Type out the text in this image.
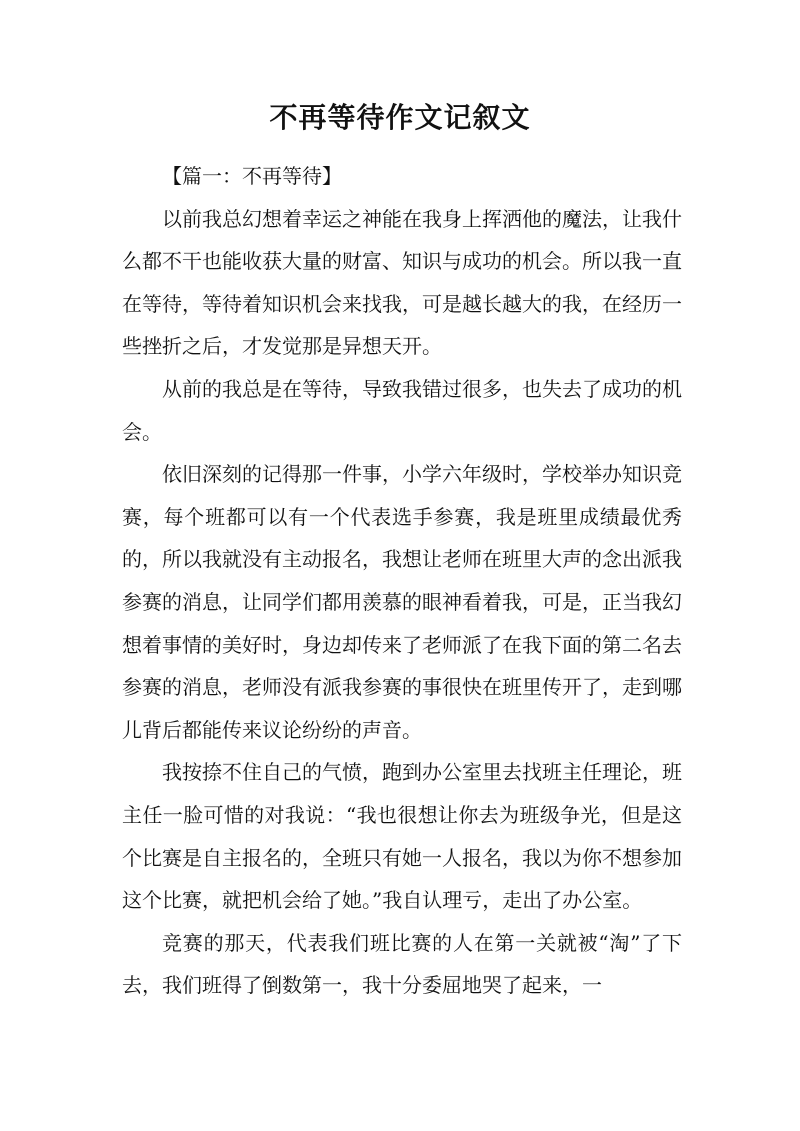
不再等待作文记叙文

【篇一：不再等待】

以前我总幻想着幸运之神能在我身上挥洒他的魔法，让我什么都不干也能收获大量的财富、知识与成功的机会。所以我一直在等待，等待着知识机会来找我，可是越长越大的我，在经历一些挫折之后，才发觉那是异想天开。

从前的我总是在等待，导致我错过很多，也失去了成功的机会。

依旧深刻的记得那一件事，小学六年级时，学校举办知识竞赛，每个班都可以有一个代表选手参赛，我是班里成绩最优秀的，所以我就没有主动报名，我想让老师在班里大声的念出派我参赛的消息，让同学们都用羡慕的眼神看着我，可是，正当我幻想着事情的美好时，身边却传来了老师派了在我下面的第二名去参赛的消息，老师没有派我参赛的事很快在班里传开了，走到哪儿背后都能传来议论纷纷的声音。

我按捺不住自己的气愤，跑到办公室里去找班主任理论，班主任一脸可惜的对我说：“我也很想让你去为班级争光，但是这个比赛是自主报名的，全班只有她一人报名，我以为你不想参加这个比赛，就把机会给了她。”我自认理亏，走出了办公室。

竞赛的那天，代表我们班比赛的人在第一关就被“淘”了下去，我们班得了倒数第一，我十分委屈地哭了起来，一
